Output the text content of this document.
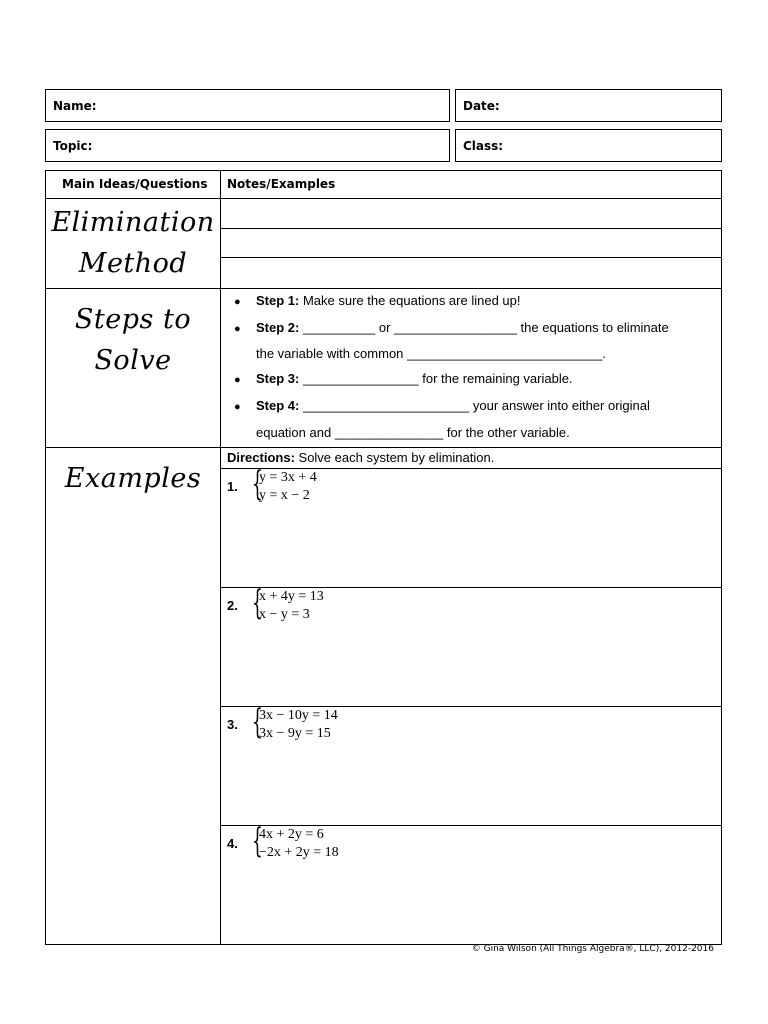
Name:	Date:
Topic:	Class:
Main Ideas/Questions Notes/Examples
Elimination
Method
Steps to
Solve
● Step 1: Make sure the equations are lined up!
● Step 2: __________ or _________________ the equations to eliminate
the variable with common ___________________________.
● Step 3: ________________ for the remaining variable.
● Step 4: _______________________ your answer into either original
equation and _______________ for the other variable.
Examples
Directions: Solve each system by elimination.
1. {
y = 3x + 4
y = x − 2
2. {
x + 4y = 13
x − y = 3
3. {
3x − 10y = 14
3x − 9y = 15
4. {
4x + 2y = 6
−2x + 2y = 18
© Gina Wilson (All Things Algebra®, LLC), 2012-2016
